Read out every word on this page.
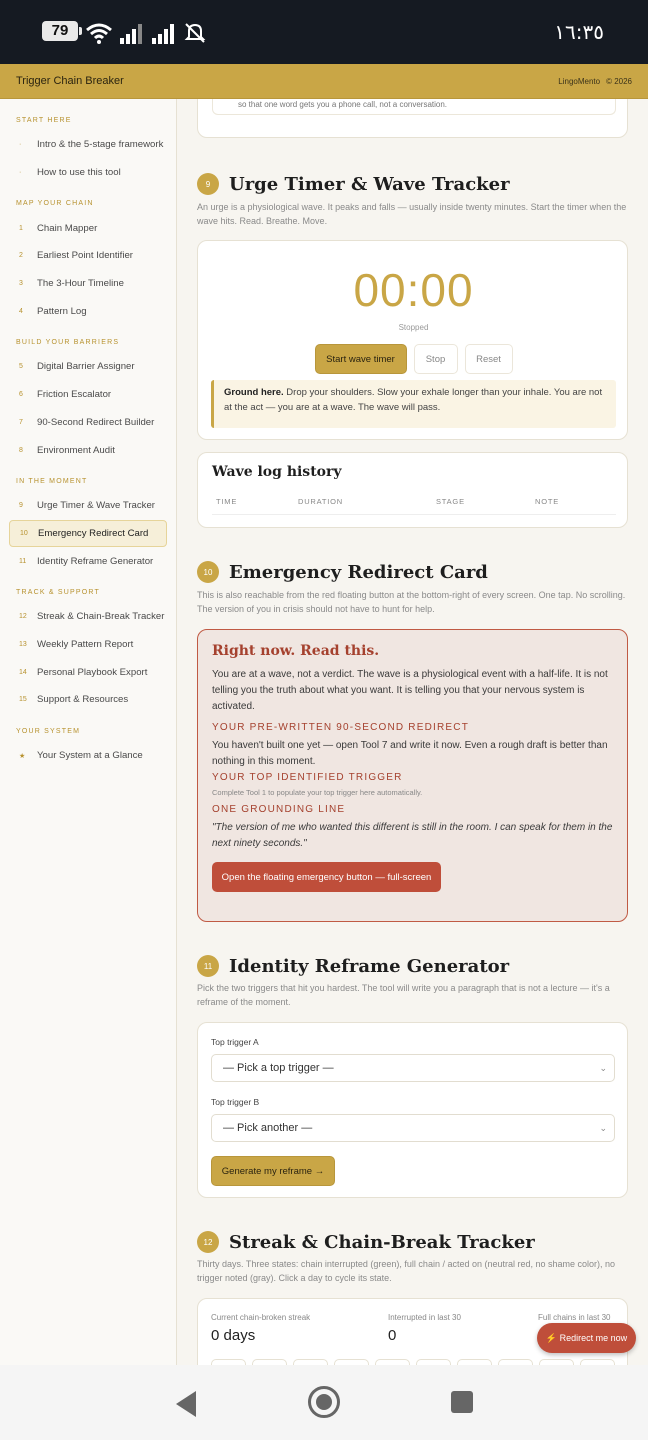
79	١٦:٣٥
Trigger Chain Breaker	LingoMento © 2026
START HERE
·	Intro & the 5-stage framework
·	How to use this tool
MAP YOUR CHAIN
1	Chain Mapper
2	Earliest Point Identifier
3	The 3-Hour Timeline
4	Pattern Log
BUILD YOUR BARRIERS
5	Digital Barrier Assigner
6	Friction Escalator
7	90-Second Redirect Builder
8	Environment Audit
IN THE MOMENT
9	Urge Timer & Wave Tracker
10	Emergency Redirect Card
11	Identity Reframe Generator
TRACK & SUPPORT
12	Streak & Chain-Break Tracker
13	Weekly Pattern Report
14	Personal Playbook Export
15	Support & Resources
YOUR SYSTEM
★	Your System at a Glance
so that one word gets you a phone call, not a conversation.
9	Urge Timer & Wave Tracker
An urge is a physiological wave. It peaks and falls — usually inside twenty minutes. Start the timer when the wave hits. Read. Breathe. Move.
00:00
Stopped
Start wave timer	Stop	Reset
Ground here. Drop your shoulders. Slow your exhale longer than your inhale. You are not at the act — you are at a wave. The wave will pass.
Wave log history
TIME	DURATION	STAGE	NOTE
10 Emergency Redirect Card
This is also reachable from the red floating button at the bottom-right of every screen. One tap. No scrolling. The version of you in crisis should not have to hunt for help.
Right now. Read this.
You are at a wave, not a verdict. The wave is a physiological event with a half-life. It is not telling you the truth about what you want. It is telling you that your nervous system is activated.
YOUR PRE-WRITTEN 90-SECOND REDIRECT
You haven't built one yet — open Tool 7 and write it now. Even a rough draft is better than nothing in this moment.
YOUR TOP IDENTIFIED TRIGGER
Complete Tool 1 to populate your top trigger here automatically.
ONE GROUNDING LINE
"The version of me who wanted this different is still in the room. I can speak for them in the next ninety seconds."
Open the floating emergency button — full-screen
11 Identity Reframe Generator
Pick the two triggers that hit you hardest. The tool will write you a paragraph that is not a lecture — it's a reframe of the moment.
Top trigger A
— Pick a top trigger —	⌄
Top trigger B
— Pick another —	⌄
Generate my reframe →
12 Streak & Chain-Break Tracker
Thirty days. Three states: chain interrupted (green), full chain / acted on (neutral red, no shame color), no trigger noted (gray). Click a day to cycle its state.
Current chain-broken streak
0 days
Interrupted in last 30
0
Full chains in last 30
⚡ Redirect me now
